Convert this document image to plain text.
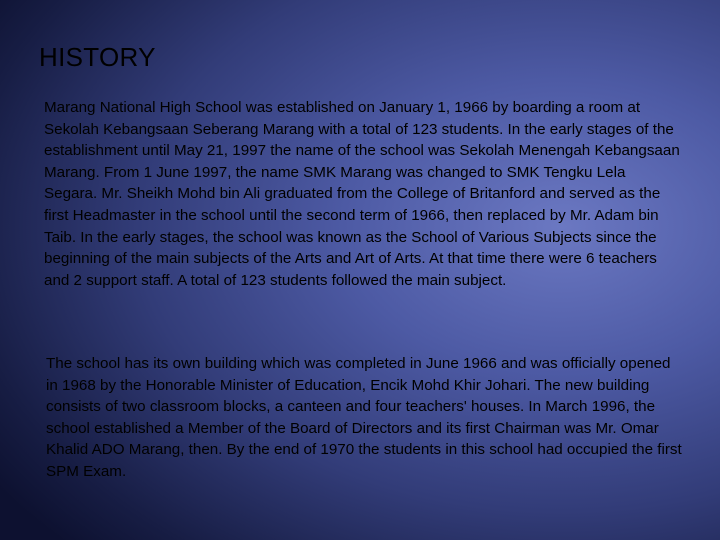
HISTORY

Marang National High School was established on January 1, 1966 by boarding a room at Sekolah Kebangsaan Seberang Marang with a total of 123 students. In the early stages of the establishment until May 21, 1997 the name of the school was Sekolah Menengah Kebangsaan Marang. From 1 June 1997, the name SMK Marang was changed to SMK Tengku Lela Segara. Mr. Sheikh Mohd bin Ali graduated from the College of Britanford and served as the first Headmaster in the school until the second term of 1966, then replaced by Mr. Adam bin Taib. In the early stages, the school was known as the School of Various Subjects since the beginning of the main subjects of the Arts and Art of Arts. At that time there were 6 teachers and 2 support staff. A total of 123 students followed the main subject.

The school has its own building which was completed in June 1966 and was officially opened in 1968 by the Honorable Minister of Education, Encik Mohd Khir Johari. The new building consists of two classroom blocks, a canteen and four teachers' houses. In March 1996, the school established a Member of the Board of Directors and its first Chairman was Mr. Omar Khalid ADO Marang, then. By the end of 1970 the students in this school had occupied the first SPM Exam.
